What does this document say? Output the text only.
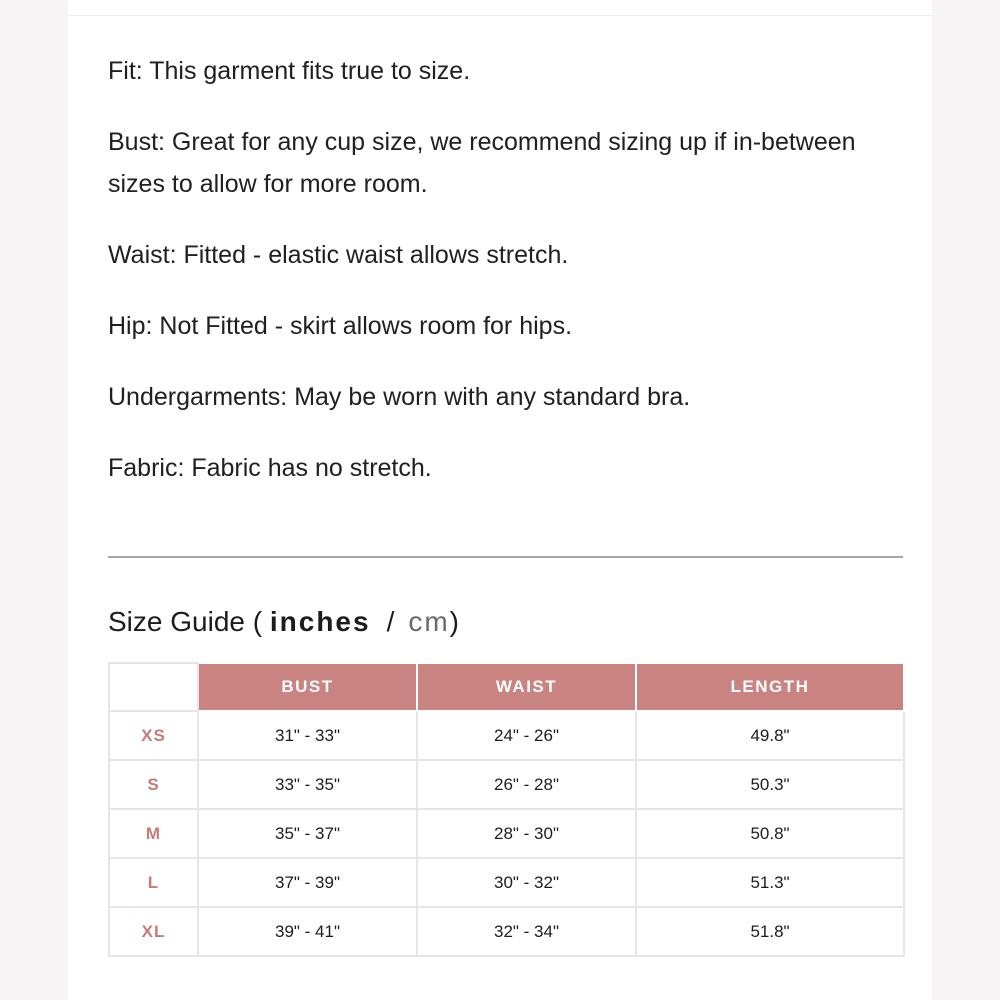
Fit: This garment fits true to size.

Bust: Great for any cup size, we recommend sizing up if in-between sizes to allow for more room.

Waist: Fitted - elastic waist allows stretch.

Hip: Not Fitted - skirt allows room for hips.

Undergarments: May be worn with any standard bra.

Fabric: Fabric has no stretch.

Size Guide ( inches / cm)
	BUST	WAIST	LENGTH
XS	31" - 33"	24" - 26"	49.8"
S	33" - 35"	26" - 28"	50.3"
M	35" - 37"	28" - 30"	50.8"
L	37" - 39"	30" - 32"	51.3"
XL	39" - 41"	32" - 34"	51.8"
